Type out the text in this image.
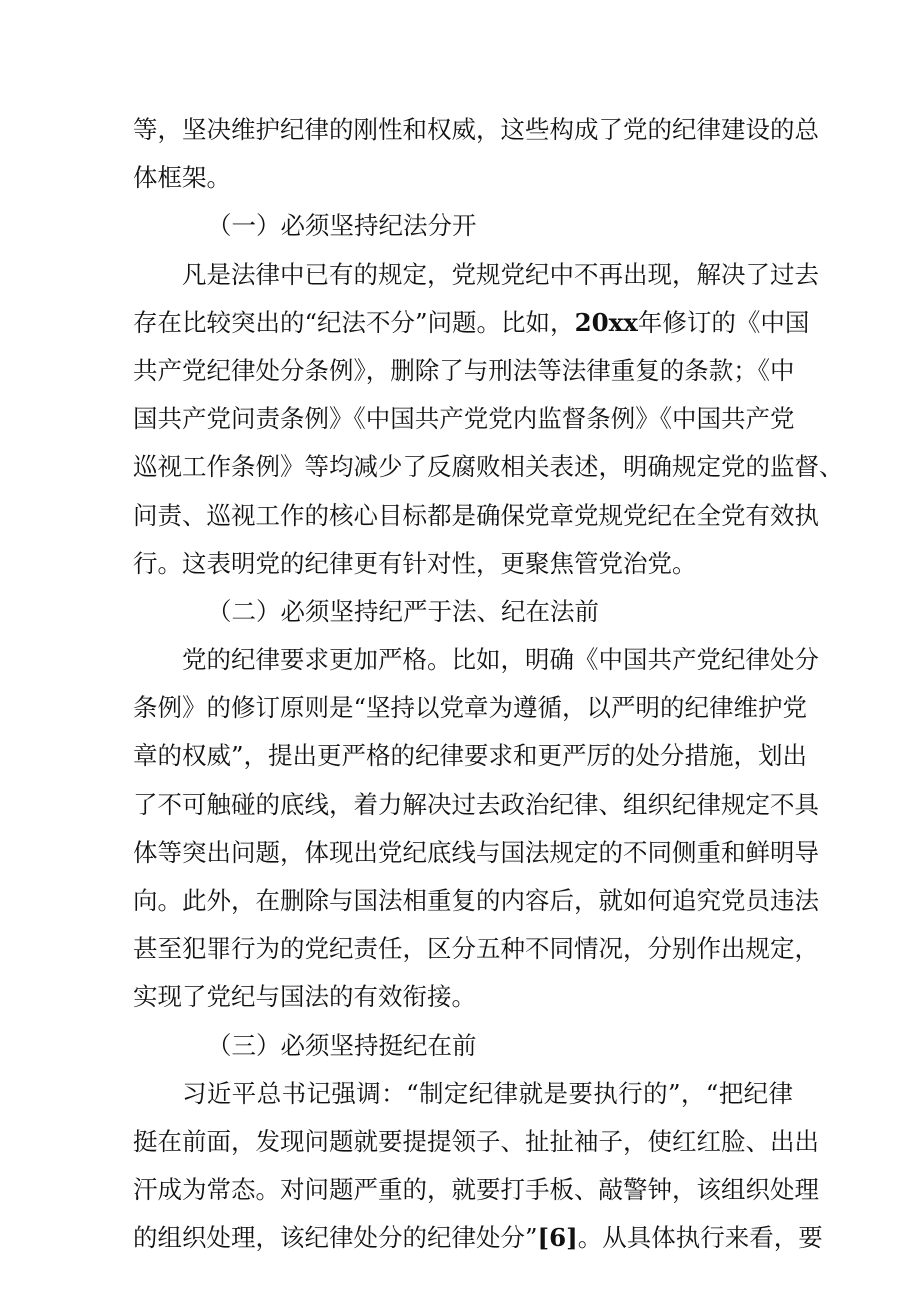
等，坚决维护纪律的刚性和权威，这些构成了党的纪律建设的总
体框架。
（一）必须坚持纪法分开
凡是法律中已有的规定，党规党纪中不再出现，解决了过去
存在比较突出的“纪法不分”问题。比如，20xx年修订的《中国
共产党纪律处分条例》，删除了与刑法等法律重复的条款；《中
国共产党问责条例》《中国共产党党内监督条例》《中国共产党
巡视工作条例》等均减少了反腐败相关表述，明确规定党的监督、
问责、巡视工作的核心目标都是确保党章党规党纪在全党有效执
行。这表明党的纪律更有针对性，更聚焦管党治党。
（二）必须坚持纪严于法、纪在法前
党的纪律要求更加严格。比如，明确《中国共产党纪律处分
条例》的修订原则是“坚持以党章为遵循，以严明的纪律维护党
章的权威”，提出更严格的纪律要求和更严厉的处分措施，划出
了不可触碰的底线，着力解决过去政治纪律、组织纪律规定不具
体等突出问题，体现出党纪底线与国法规定的不同侧重和鲜明导
向。此外，在删除与国法相重复的内容后，就如何追究党员违法
甚至犯罪行为的党纪责任，区分五种不同情况，分别作出规定，
实现了党纪与国法的有效衔接。
（三）必须坚持挺纪在前
习近平总书记强调：“制定纪律就是要执行的”，“把纪律
挺在前面，发现问题就要提提领子、扯扯袖子，使红红脸、出出
汗成为常态。对问题严重的，就要打手板、敲警钟，该组织处理
的组织处理，该纪律处分的纪律处分”[6]。从具体执行来看，要
